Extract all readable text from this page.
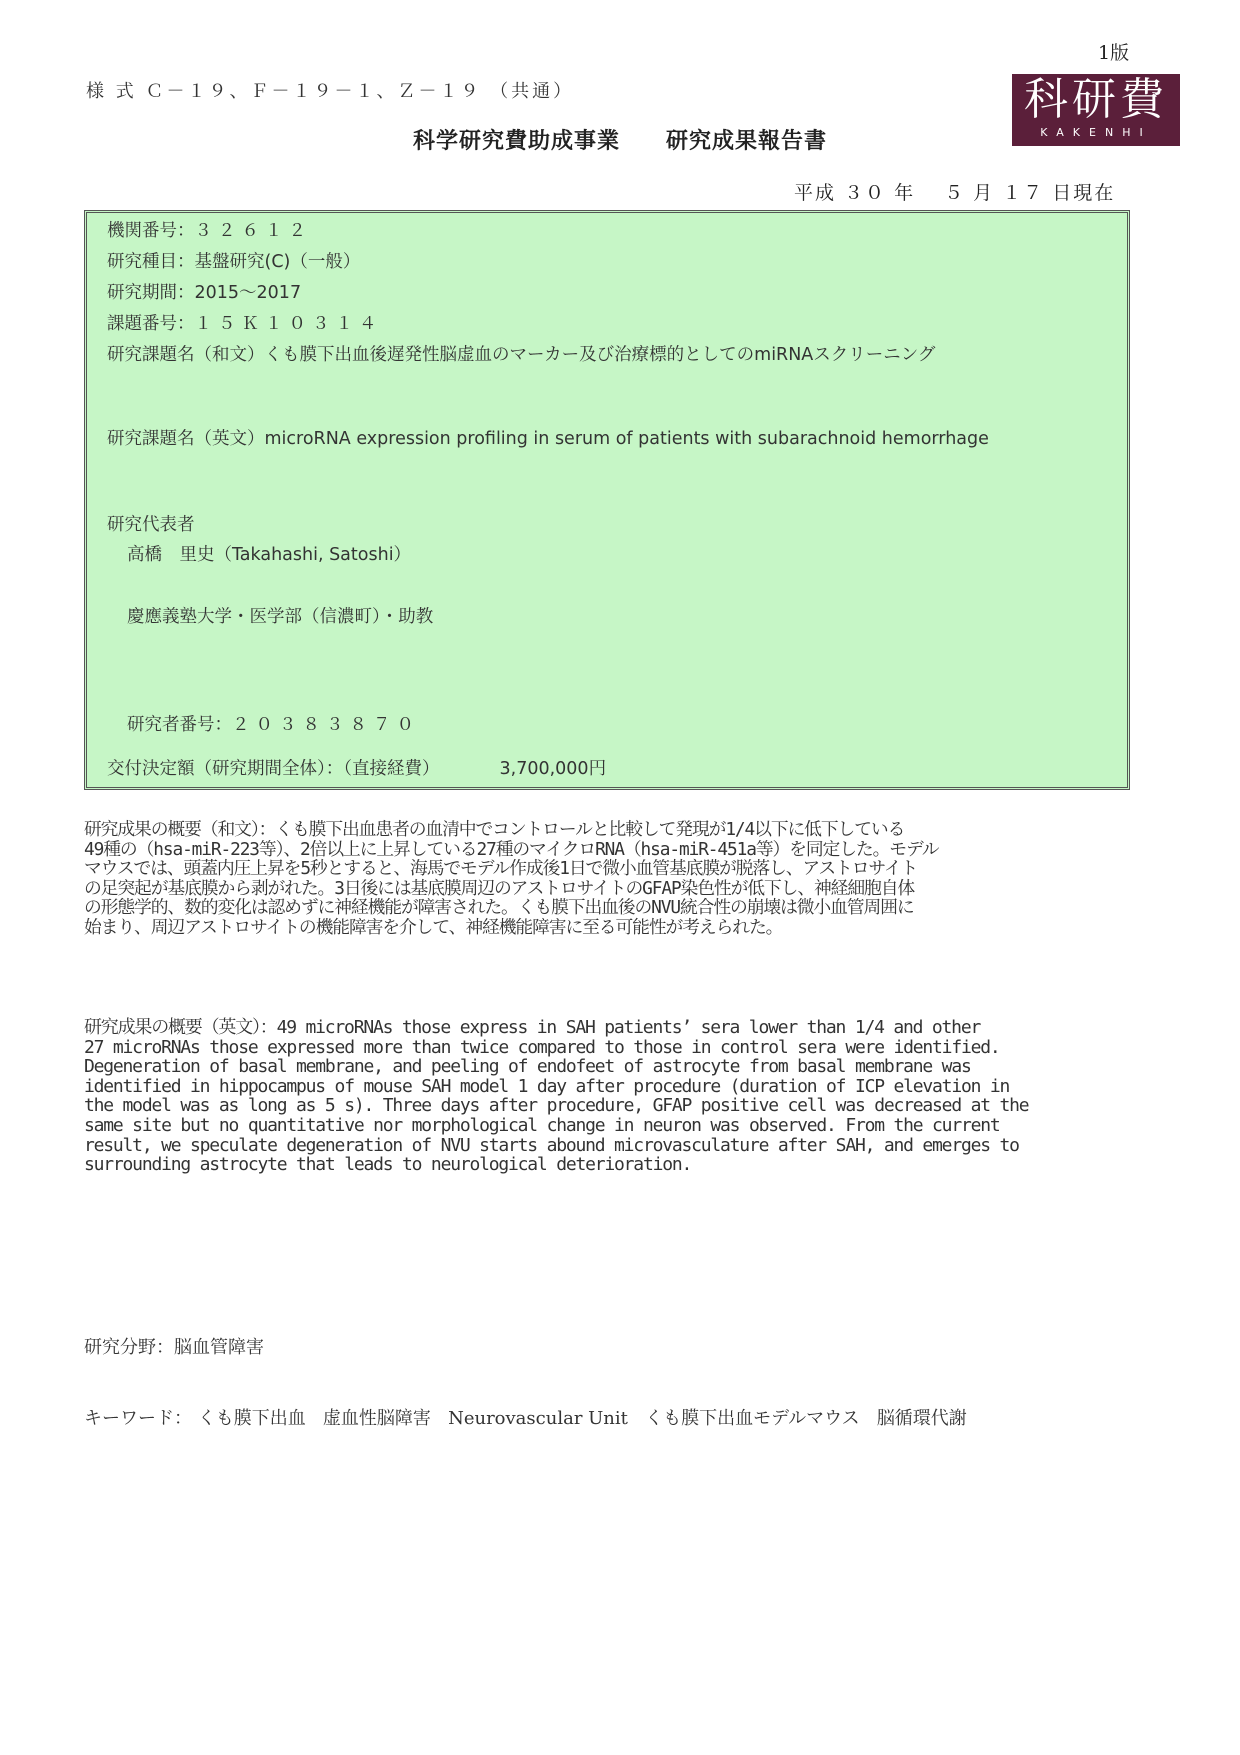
1版
様 式 Ｃ－１９、Ｆ－１９－１、Ｚ－１９ （共通）
科学研究費助成事業　　研究成果報告書
科研費
KAKENHI
平成 ３０ 年　 ５ 月 １７ 日現在
機関番号：３２６１２
研究種目：基盤研究(C)（一般）
研究期間：2015～2017
課題番号：１５Ｋ１０３１４
研究課題名（和文）くも膜下出血後遅発性脳虚血のマーカー及び治療標的としてのmiRNAスクリーニング
研究課題名（英文）microRNA expression profiling in serum of patients with subarachnoid hemorrhage
研究代表者
高橋　里史（Takahashi, Satoshi）
慶應義塾大学・医学部（信濃町）・助教
研究者番号：２０３８３８７０
交付決定額（研究期間全体）：（直接経費）	3,700,000円
研究成果の概要（和文）：くも膜下出血患者の血清中でコントロールと比較して発現が1/4以下に低下している
49種の（hsa-miR-223等）、2倍以上に上昇している27種のマイクロRNA（hsa-miR-451a等）を同定した。モデル
マウスでは、頭蓋内圧上昇を5秒とすると、海馬でモデル作成後1日で微小血管基底膜が脱落し、アストロサイト
の足突起が基底膜から剥がれた。3日後には基底膜周辺のアストロサイトのGFAP染色性が低下し、神経細胞自体
の形態学的、数的変化は認めずに神経機能が障害された。くも膜下出血後のNVU統合性の崩壊は微小血管周囲に
始まり、周辺アストロサイトの機能障害を介して、神経機能障害に至る可能性が考えられた。
研究成果の概要（英文）：49 microRNAs those express in SAH patients’ sera lower than 1/4 and other
27 microRNAs those expressed more than twice compared to those in control sera were identified.
Degeneration of basal membrane, and peeling of endofeet of astrocyte from basal membrane was
identified in hippocampus of mouse SAH model 1 day after procedure (duration of ICP elevation in
the model was as long as 5 s). Three days after procedure, GFAP positive cell was decreased at the
same site but no quantitative nor morphological change in neuron was observed. From the current
result, we speculate degeneration of NVU starts abound microvasculature after SAH, and emerges to
surrounding astrocyte that leads to neurological deterioration.
研究分野：脳血管障害
キーワード： くも膜下出血 虚血性脳障害 Neurovascular Unit くも膜下出血モデルマウス 脳循環代謝
